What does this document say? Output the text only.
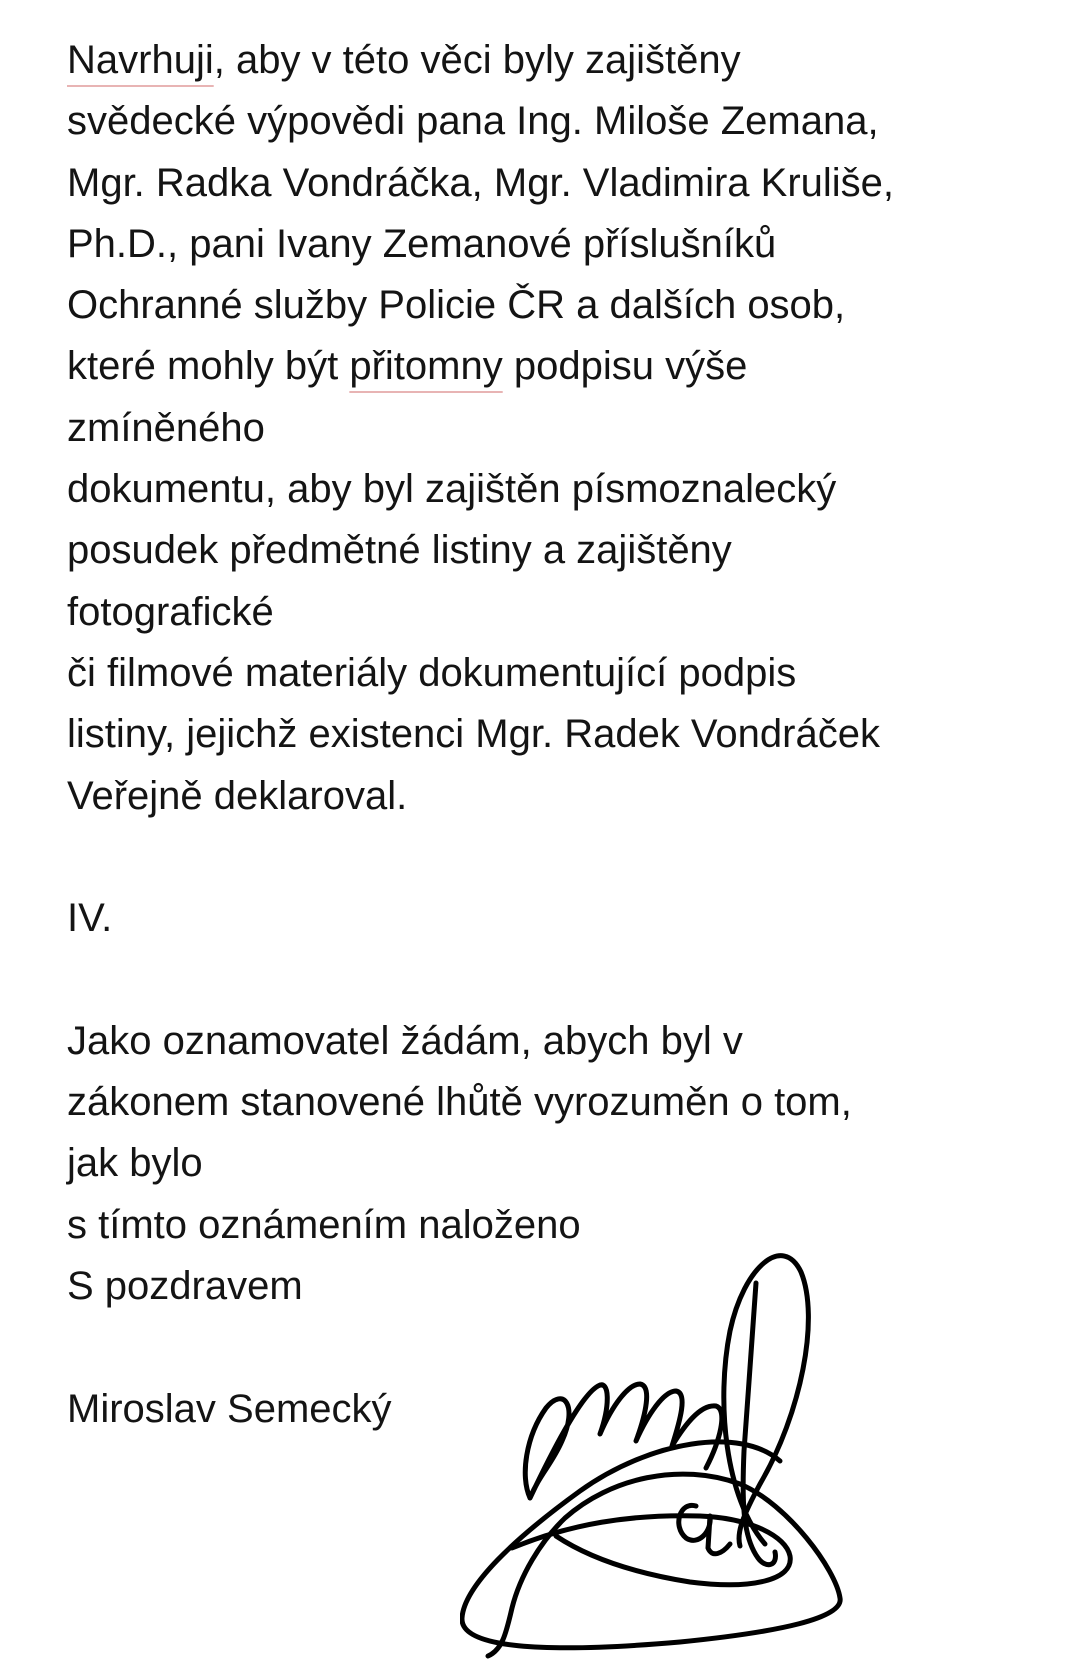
Navrhuji, aby v této věci byly zajištěny
svědecké výpovědi pana Ing. Miloše Zemana,
Mgr. Radka Vondráčka, Mgr. Vladimira Kruliše,
Ph.D., pani Ivany Zemanové příslušníků
Ochranné služby Policie ČR a dalších osob,
které mohly být přitomny podpisu výše
zmíněného
dokumentu, aby byl zajištěn písmoznalecký
posudek předmětné listiny a zajištěny
fotografické
či filmové materiály dokumentující podpis
listiny, jejichž existenci Mgr. Radek Vondráček
Veřejně deklaroval.
IV.
Jako oznamovatel žádám, abych byl v
zákonem stanovené lhůtě vyrozuměn o tom,
jak bylo
s tímto oznámením naloženo
S pozdravem
Miroslav Semecký
